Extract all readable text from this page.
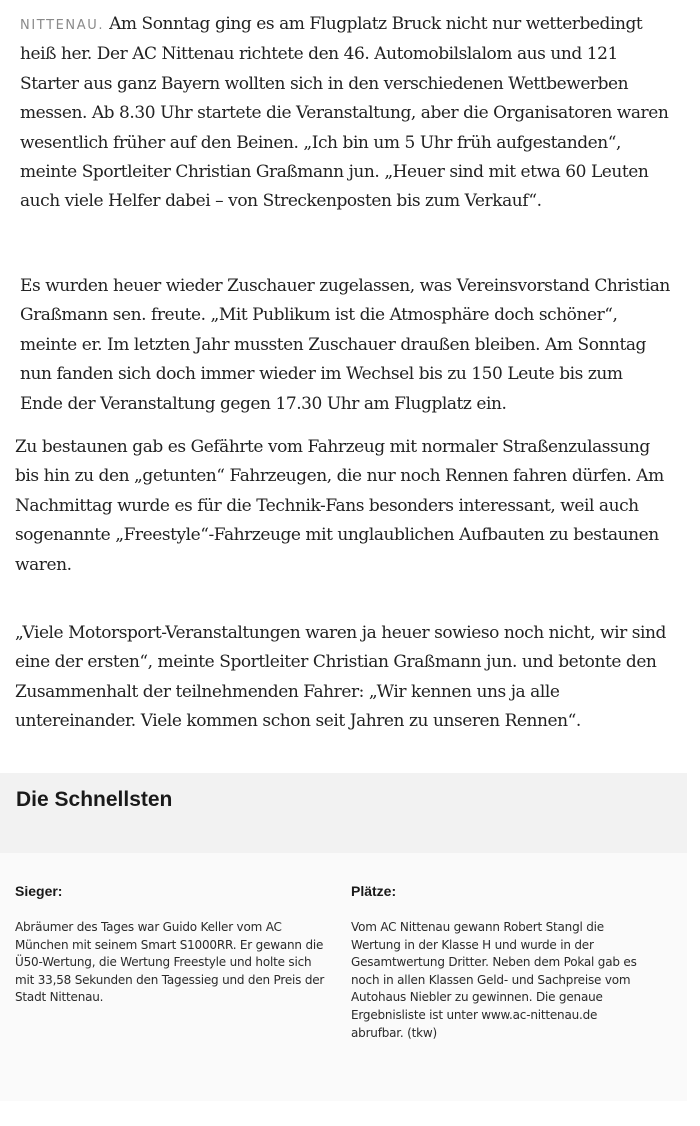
NITTENAU. Am Sonntag ging es am Flugplatz Bruck nicht nur wetterbedingt heiß her. Der AC Nittenau richtete den 46. Automobilslalom aus und 121 Starter aus ganz Bayern wollten sich in den verschiedenen Wettbewerben messen. Ab 8.30 Uhr startete die Veranstaltung, aber die Organisatoren waren wesentlich früher auf den Beinen. „Ich bin um 5 Uhr früh aufgestanden“, meinte Sportleiter Christian Graßmann jun. „Heuer sind mit etwa 60 Leuten auch viele Helfer dabei – von Streckenposten bis zum Verkauf“.

Es wurden heuer wieder Zuschauer zugelassen, was Vereinsvorstand Christian Graßmann sen. freute. „Mit Publikum ist die Atmosphäre doch schöner“, meinte er. Im letzten Jahr mussten Zuschauer draußen bleiben. Am Sonntag nun fanden sich doch immer wieder im Wechsel bis zu 150 Leute bis zum Ende der Veranstaltung gegen 17.30 Uhr am Flugplatz ein.

Zu bestaunen gab es Gefährte vom Fahrzeug mit normaler Straßenzulassung bis hin zu den „getunten“ Fahrzeugen, die nur noch Rennen fahren dürfen. Am Nachmittag wurde es für die Technik-Fans besonders interessant, weil auch sogenannte „Freestyle“-Fahrzeuge mit unglaublichen Aufbauten zu bestaunen waren.

„Viele Motorsport-Veranstaltungen waren ja heuer sowieso noch nicht, wir sind eine der ersten“, meinte Sportleiter Christian Graßmann jun. und betonte den Zusammenhalt der teilnehmenden Fahrer: „Wir kennen uns ja alle untereinander. Viele kommen schon seit Jahren zu unseren Rennen“.

Die Schnellsten
Sieger:

Abräumer des Tages war Guido Keller vom AC München mit seinem Smart S1000RR. Er gewann die Ü50-Wertung, die Wertung Freestyle und holte sich mit 33,58 Sekunden den Tagessieg und den Preis der Stadt Nittenau.

Plätze:

Vom AC Nittenau gewann Robert Stangl die Wertung in der Klasse H und wurde in der Gesamtwertung Dritter. Neben dem Pokal gab es noch in allen Klassen Geld- und Sachpreise vom Autohaus Niebler zu gewinnen. Die genaue Ergebnisliste ist unter www.ac-nittenau.de abrufbar. (tkw)
